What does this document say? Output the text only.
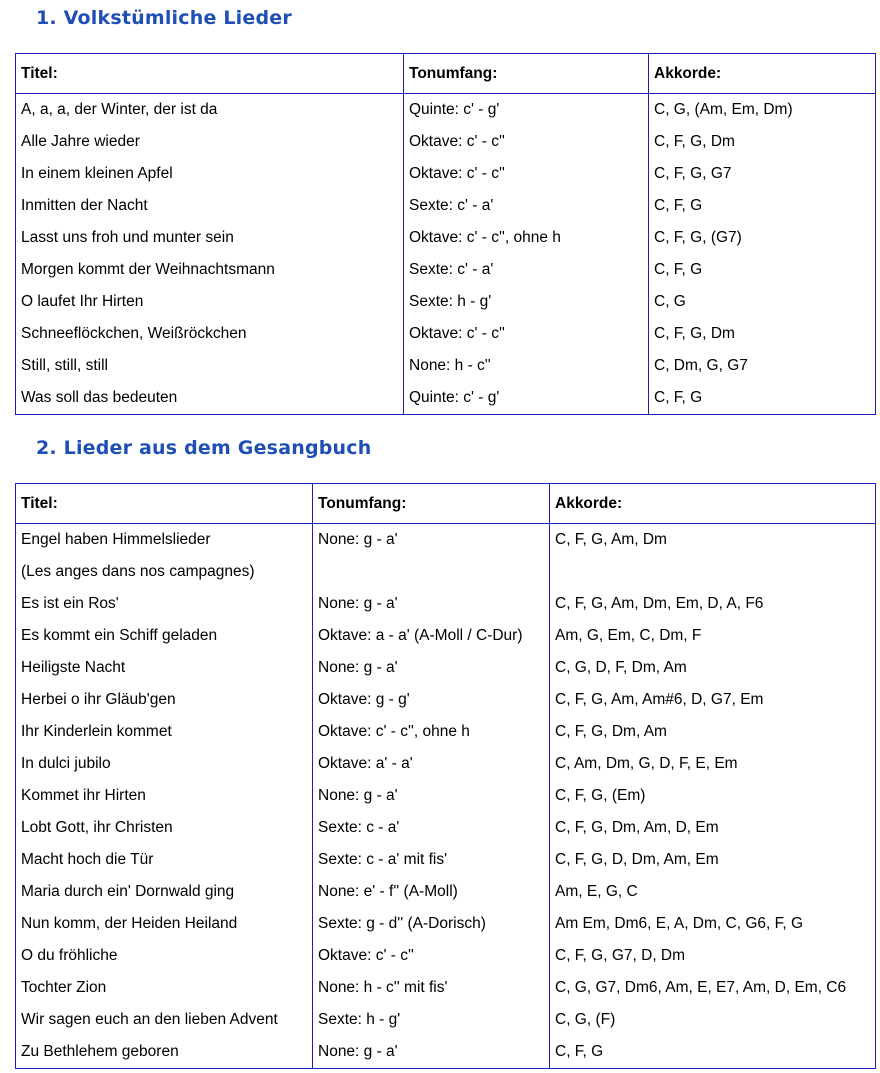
1. Volkstümliche Lieder
Titel:	Tonumfang:	Akkorde:
A, a, a, der Winter, der ist da	Quinte: c' - g'	C, G, (Am, Em, Dm)
Alle Jahre wieder	Oktave: c' - c''	C, F, G, Dm
In einem kleinen Apfel	Oktave: c' - c''	C, F, G, G7
Inmitten der Nacht	Sexte: c' - a'	C, F, G
Lasst uns froh und munter sein	Oktave: c' - c'', ohne h	C, F, G, (G7)
Morgen kommt der Weihnachtsmann	Sexte: c' - a'	C, F, G
O laufet Ihr Hirten	Sexte: h - g'	C, G
Schneeflöckchen, Weißröckchen	Oktave: c' - c''	C, F, G, Dm
Still, still, still	None: h - c''	C, Dm, G, G7
Was soll das bedeuten	Quinte: c' - g'	C, F, G
2. Lieder aus dem Gesangbuch
Titel:	Tonumfang:	Akkorde:
Engel haben Himmelslieder	None: g - a'	C, F, G, Am, Dm
(Les anges dans nos campagnes)		
Es ist ein Ros'	None: g - a'	C, F, G, Am, Dm, Em, D, A, F6
Es kommt ein Schiff geladen	Oktave: a - a' (A-Moll / C-Dur)	Am, G, Em, C, Dm, F
Heiligste Nacht	None: g - a'	C, G, D, F, Dm, Am
Herbei o ihr Gläub'gen	Oktave: g - g'	C, F, G, Am, Am#6, D, G7, Em
Ihr Kinderlein kommet	Oktave: c' - c'', ohne h	C, F, G, Dm, Am
In dulci jubilo	Oktave: a' - a'	C, Am, Dm, G, D, F, E, Em
Kommet ihr Hirten	None: g - a'	C, F, G, (Em)
Lobt Gott, ihr Christen	Sexte: c - a'	C, F, G, Dm, Am, D, Em
Macht hoch die Tür	Sexte: c - a' mit fis'	C, F, G, D, Dm, Am, Em
Maria durch ein' Dornwald ging	None: e' - f'' (A-Moll)	Am, E, G, C
Nun komm, der Heiden Heiland	Sexte: g - d'' (A-Dorisch)	Am Em, Dm6, E, A, Dm, C, G6, F, G
O du fröhliche	Oktave: c' - c''	C, F, G, G7, D, Dm
Tochter Zion	None: h - c'' mit fis'	C, G, G7, Dm6, Am, E, E7, Am, D, Em, C6
Wir sagen euch an den lieben Advent	Sexte: h - g'	C, G, (F)
Zu Bethlehem geboren	None: g - a'	C, F, G
